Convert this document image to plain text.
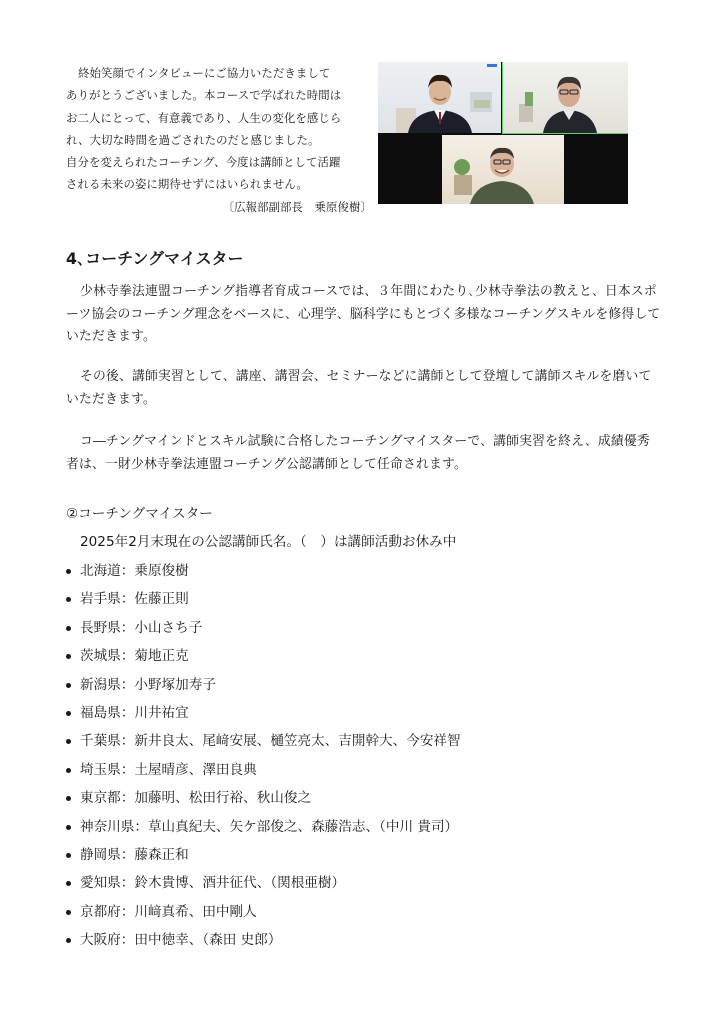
終始笑顔でインタビューにご協力いただきまして

ありがとうございました。本コースで学ばれた時間は

お二人にとって、有意義であり、人生の変化を感じら

れ、大切な時間を過ごされたのだと感じました。

自分を変えられたコーチング、今度は講師として活躍

される未来の姿に期待せずにはいられません。

〔広報部副部長　乗原俊樹〕

4､コーチングマイスター

少林寺拳法連盟コーチング指導者育成コースでは、３年間にわたり､少林寺拳法の教えと、日本スポーツ協会のコーチング理念をベースに、心理学、脳科学にもとづく多様なコーチングスキルを修得していただきます。

その後、講師実習として、講座、講習会、セミナーなどに講師として登壇して講師スキルを磨いていただきます。

コ―チングマインドとスキル試験に合格したコーチングマイスターで、講師実習を終え、成績優秀者は、一財少林寺拳法連盟コーチング公認講師として任命されます。

②コーチングマイスター
2025年2月末現在の公認講師氏名。（　）は講師活動お休み中
北海道：乗原俊樹
岩手県：佐藤正則
長野県：小山さち子
茨城県：菊地正克
新潟県：小野塚加寿子
福島県：川井祐宜
千葉県：新井良太、尾﨑安展、樋笠亮太、吉開幹大、今安祥智
埼玉県：土屋晴彦、澤田良典
東京都：加藤明、松田行裕、秋山俊之
神奈川県：草山真紀夫、矢ケ部俊之、森藤浩志、（中川 貴司）
静岡県：藤森正和
愛知県：鈴木貴博、酒井征代、（関根亜樹）
京都府：川﨑真希、田中剛人
大阪府：田中徳幸、（森田 史郎）
